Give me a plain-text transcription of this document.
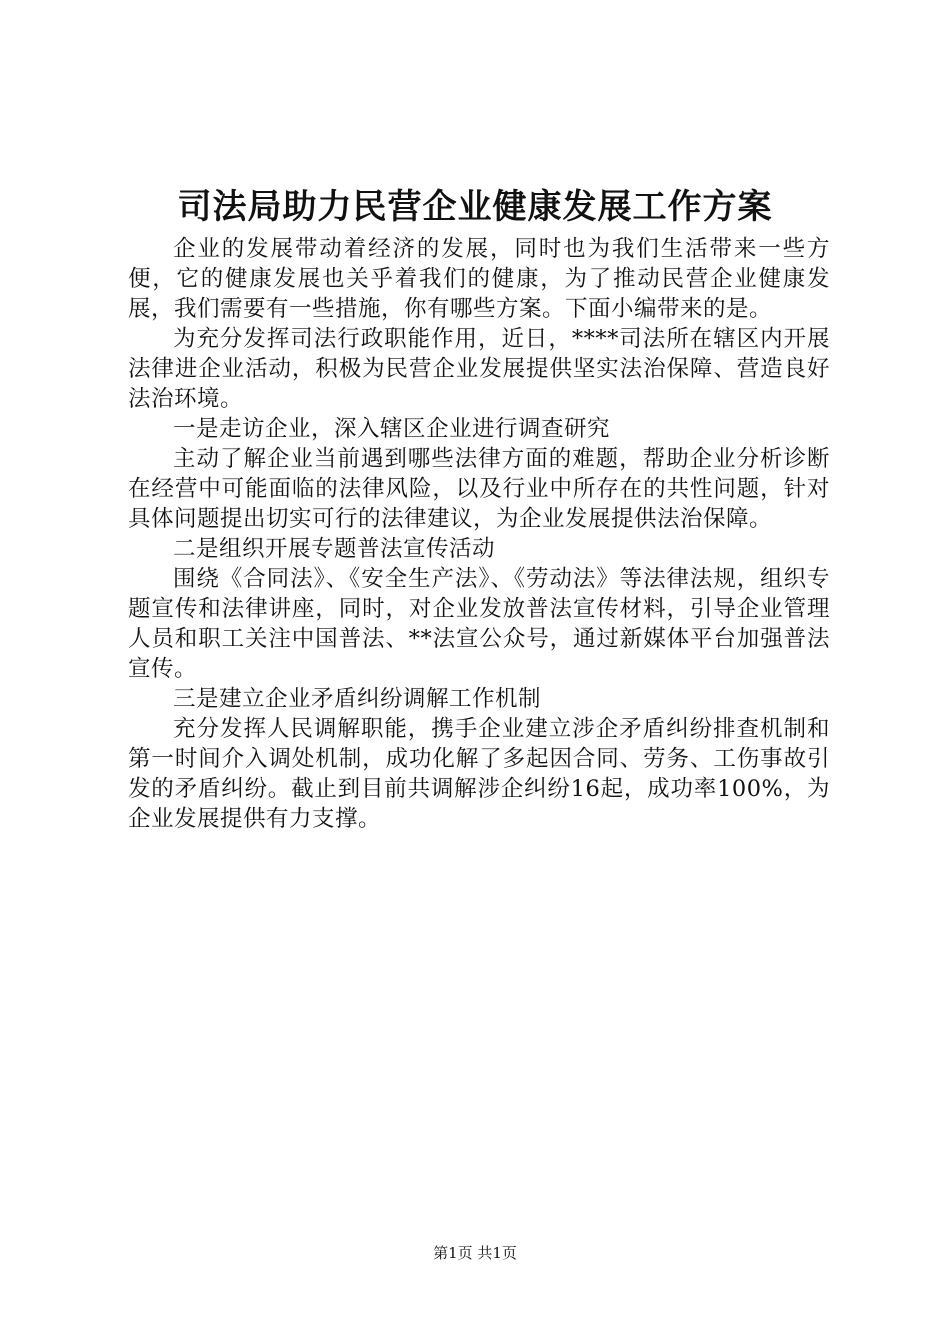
司法局助力民营企业健康发展工作方案

企业的发展带动着经济的发展，同时也为我们生活带来一些方便，它的健康发展也关乎着我们的健康，为了推动民营企业健康发展，我们需要有一些措施，你有哪些方案。下面小编带来的是。

为充分发挥司法行政职能作用，近日，****司法所在辖区内开展法律进企业活动，积极为民营企业发展提供坚实法治保障、营造良好法治环境。

一是走访企业，深入辖区企业进行调查研究

主动了解企业当前遇到哪些法律方面的难题，帮助企业分析诊断在经营中可能面临的法律风险，以及行业中所存在的共性问题，针对具体问题提出切实可行的法律建议，为企业发展提供法治保障。

二是组织开展专题普法宣传活动

围绕《合同法》、《安全生产法》、《劳动法》等法律法规，组织专题宣传和法律讲座，同时，对企业发放普法宣传材料，引导企业管理人员和职工关注中国普法、**法宣公众号，通过新媒体平台加强普法宣传。

三是建立企业矛盾纠纷调解工作机制

充分发挥人民调解职能，携手企业建立涉企矛盾纠纷排查机制和第一时间介入调处机制，成功化解了多起因合同、劳务、工伤事故引发的矛盾纠纷。截止到目前共调解涉企纠纷16起，成功率100%，为企业发展提供有力支撑。

第1页 共1页
